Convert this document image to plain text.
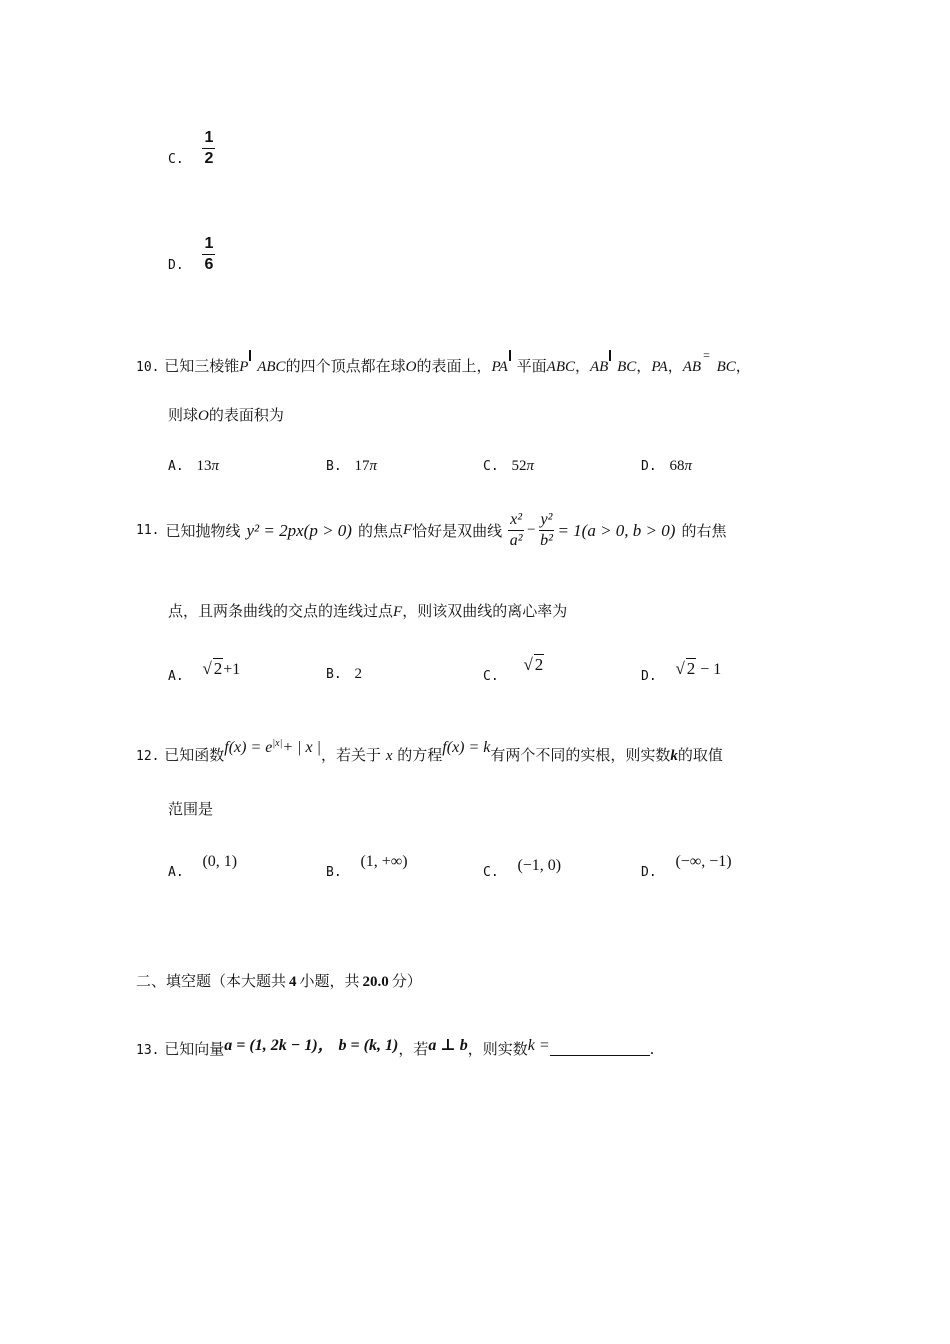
C. $\frac{1}{2}$
D. $\frac{1}{6}$
10. 已知三棱锥P ABC的四个顶点都在球O的表面上，PA 平面ABC，AB BC，PA，AB= BC，
则球O的表面积为
A. 13π	B. 17π	C. 52π	D. 68π
11. 已知抛物线 y² = 2px(p > 0) 的焦点 F 恰好是双曲线 $\frac{\text{x²}}{\text{a²}} - \frac{\text{y²}}{\text{b²}} = 1(a > 0$, b > 0) 的右焦
点，且两条曲线的交点的连线过点F，则该双曲线的离心率为
A. √ 2+1	B. 2	C. √ 2
D. √ 2 − 1
12. 已知函数$f(x) = e^{|x|}+$ | x |，若关于 x 的方程f(x) = k有两个不同的实根，则实数k的取值
范围是
A. (0, 1)
B. (1, +∞)
C. (−1, 0)	D. (−∞, −1)
二、填空题（本大题共 4 小题，共 20.0 分）
13. 已知向量a = (1, 2k − 1)， b = (k, 1)，若a ⊥ b，则实数k =	.
